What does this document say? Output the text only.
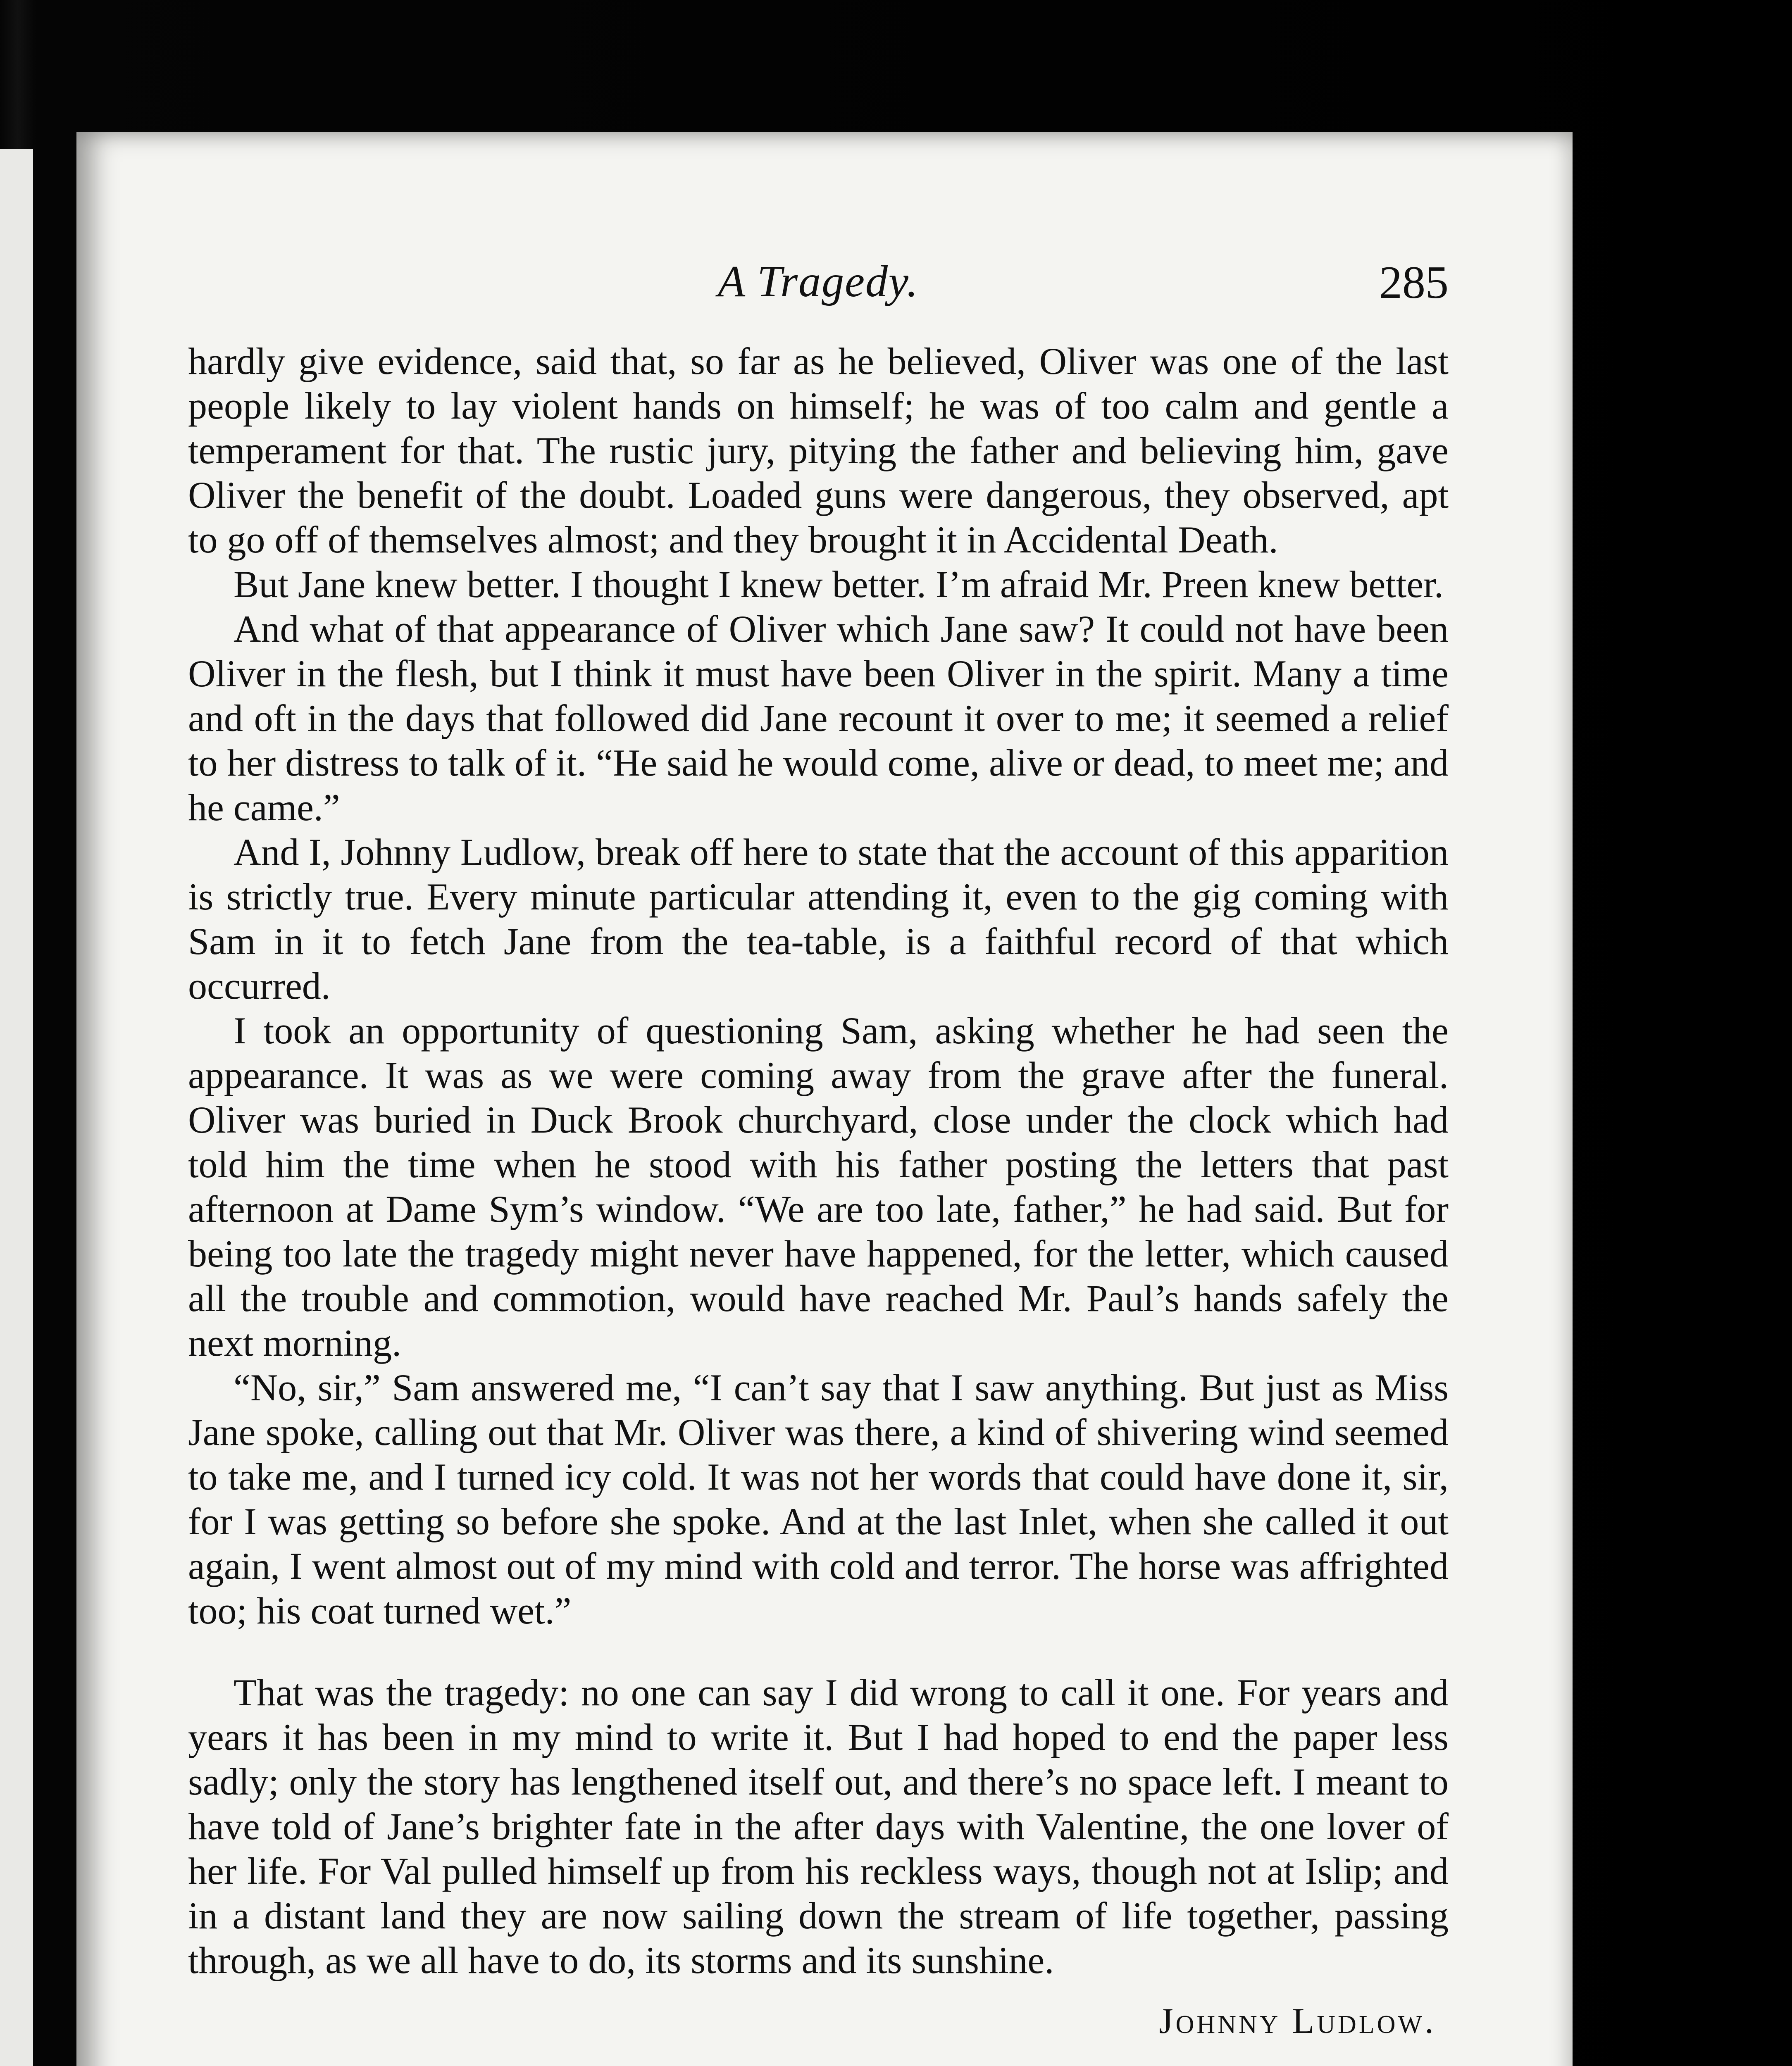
A Tragedy.	285

hardly give evidence, said that, so far as he believed, Oliver was one of the last people likely to lay violent hands on himself; he was of too calm and gentle a temperament for that. The rustic jury, pitying the father and believing him, gave Oliver the benefit of the doubt. Loaded guns were dangerous, they observed, apt to go off of themselves almost; and they brought it in Accidental Death.

But Jane knew better. I thought I knew better. I’m afraid Mr. Preen knew better.

And what of that appearance of Oliver which Jane saw? It could not have been Oliver in the flesh, but I think it must have been Oliver in the spirit. Many a time and oft in the days that followed did Jane recount it over to me; it seemed a relief to her distress to talk of it. “He said he would come, alive or dead, to meet me; and he came.”

And I, Johnny Ludlow, break off here to state that the account of this apparition is strictly true. Every minute particular attending it, even to the gig coming with Sam in it to fetch Jane from the tea-table, is a faithful record of that which occurred.

I took an opportunity of questioning Sam, asking whether he had seen the appearance. It was as we were coming away from the grave after the funeral. Oliver was buried in Duck Brook churchyard, close under the clock which had told him the time when he stood with his father posting the letters that past afternoon at Dame Sym’s window. “We are too late, father,” he had said. But for being too late the tragedy might never have happened, for the letter, which caused all the trouble and commotion, would have reached Mr. Paul’s hands safely the next morning.

“No, sir,” Sam answered me, “I can’t say that I saw anything. But just as Miss Jane spoke, calling out that Mr. Oliver was there, a kind of shivering wind seemed to take me, and I turned icy cold. It was not her words that could have done it, sir, for I was getting so before she spoke. And at the last Inlet, when she called it out again, I went almost out of my mind with cold and terror. The horse was affrighted too; his coat turned wet.”

That was the tragedy: no one can say I did wrong to call it one. For years and years it has been in my mind to write it. But I had hoped to end the paper less sadly; only the story has lengthened itself out, and there’s no space left. I meant to have told of Jane’s brighter fate in the after days with Valentine, the one lover of her life. For Val pulled himself up from his reckless ways, though not at Islip; and in a distant land they are now sailing down the stream of life together, passing through, as we all have to do, its storms and its sunshine.

Johnny Ludlow.
